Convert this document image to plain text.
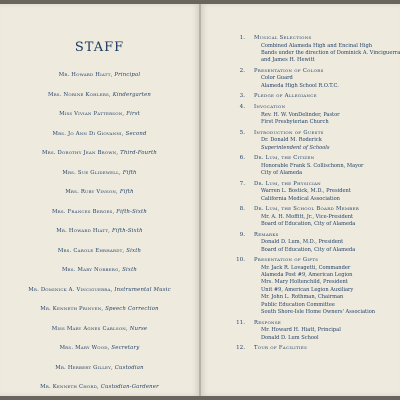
STAFF
Mr. Howard Hiatt, Principal
Mrs. Norine Kohlers, Kindergarten
Miss Vivian Patterson, First
Mrs. Jo Ann Di Giovanni, Second
Mrs. Dorothy Jean Brown, Third-Fourth
Mrs. Sue Glidewell, Fifth
Mrs. Ruby Vinson, Fifth
Mrs. Frances Berges, Fifth-Sixth
Mr. Howard Hiatt, Fifth-Sixth
Mrs. Carole Ehrhardt, Sixth
Mrs. Mary Norberg, Sixth
Mr. Dominick A. Vinciguerra, Instrumental Music
Mr. Kenneth Prinven, Speech Correction
Miss Mary Agnes Carlson, Nurse
Mrs. Mary Wood, Secretary
Mr. Herbert Gilley, Custodian
Mr. Kenneth Chord, Custodian-Gardener
1. Musical Selections
Combined Alameda High and Encinal High
Bands under the direction of Dominick A. Vinciguerra
and James H. Hewitt
2. Presentation of Colors
Color Guard
Alameda High School R.O.T.C.
3. Pledge of Allegiance
4. Invocation
Rev. H. W. VonDelinder, Pastor
First Presbyterian Church
5. Introduction of Guests
Dr. Donald M. Roderick
Superintendent of Schools
6. Dr. Lum, the Citizen
Honorable Frank S. Collischonn, Mayor
City of Alameda
7. Dr. Lum, the Physician
Warren L. Bostick, M.D., President
California Medical Association
8. Dr. Lum, the School Board Member
Mr. A. H. Moffitt, Jr., Vice-President
Board of Education, City of Alameda
9. Remarks
Donald D. Lum, M.D., President
Board of Education, City of Alameda
10. Presentation of Gifts
Mr. Jack R. Lovagetti, Commander
Alameda Post #9, American Legion
Mrs. Mary Holtenchild, President
Unit #9, American Legion Auxiliary
Mr. John L. Rothman, Chairman
Public Education Committee
South Shore-Isle Home Owners' Association
11. Response
Mr. Howard H. Hiatt, Principal
Donald D. Lum School
12. Tour of Facilities
